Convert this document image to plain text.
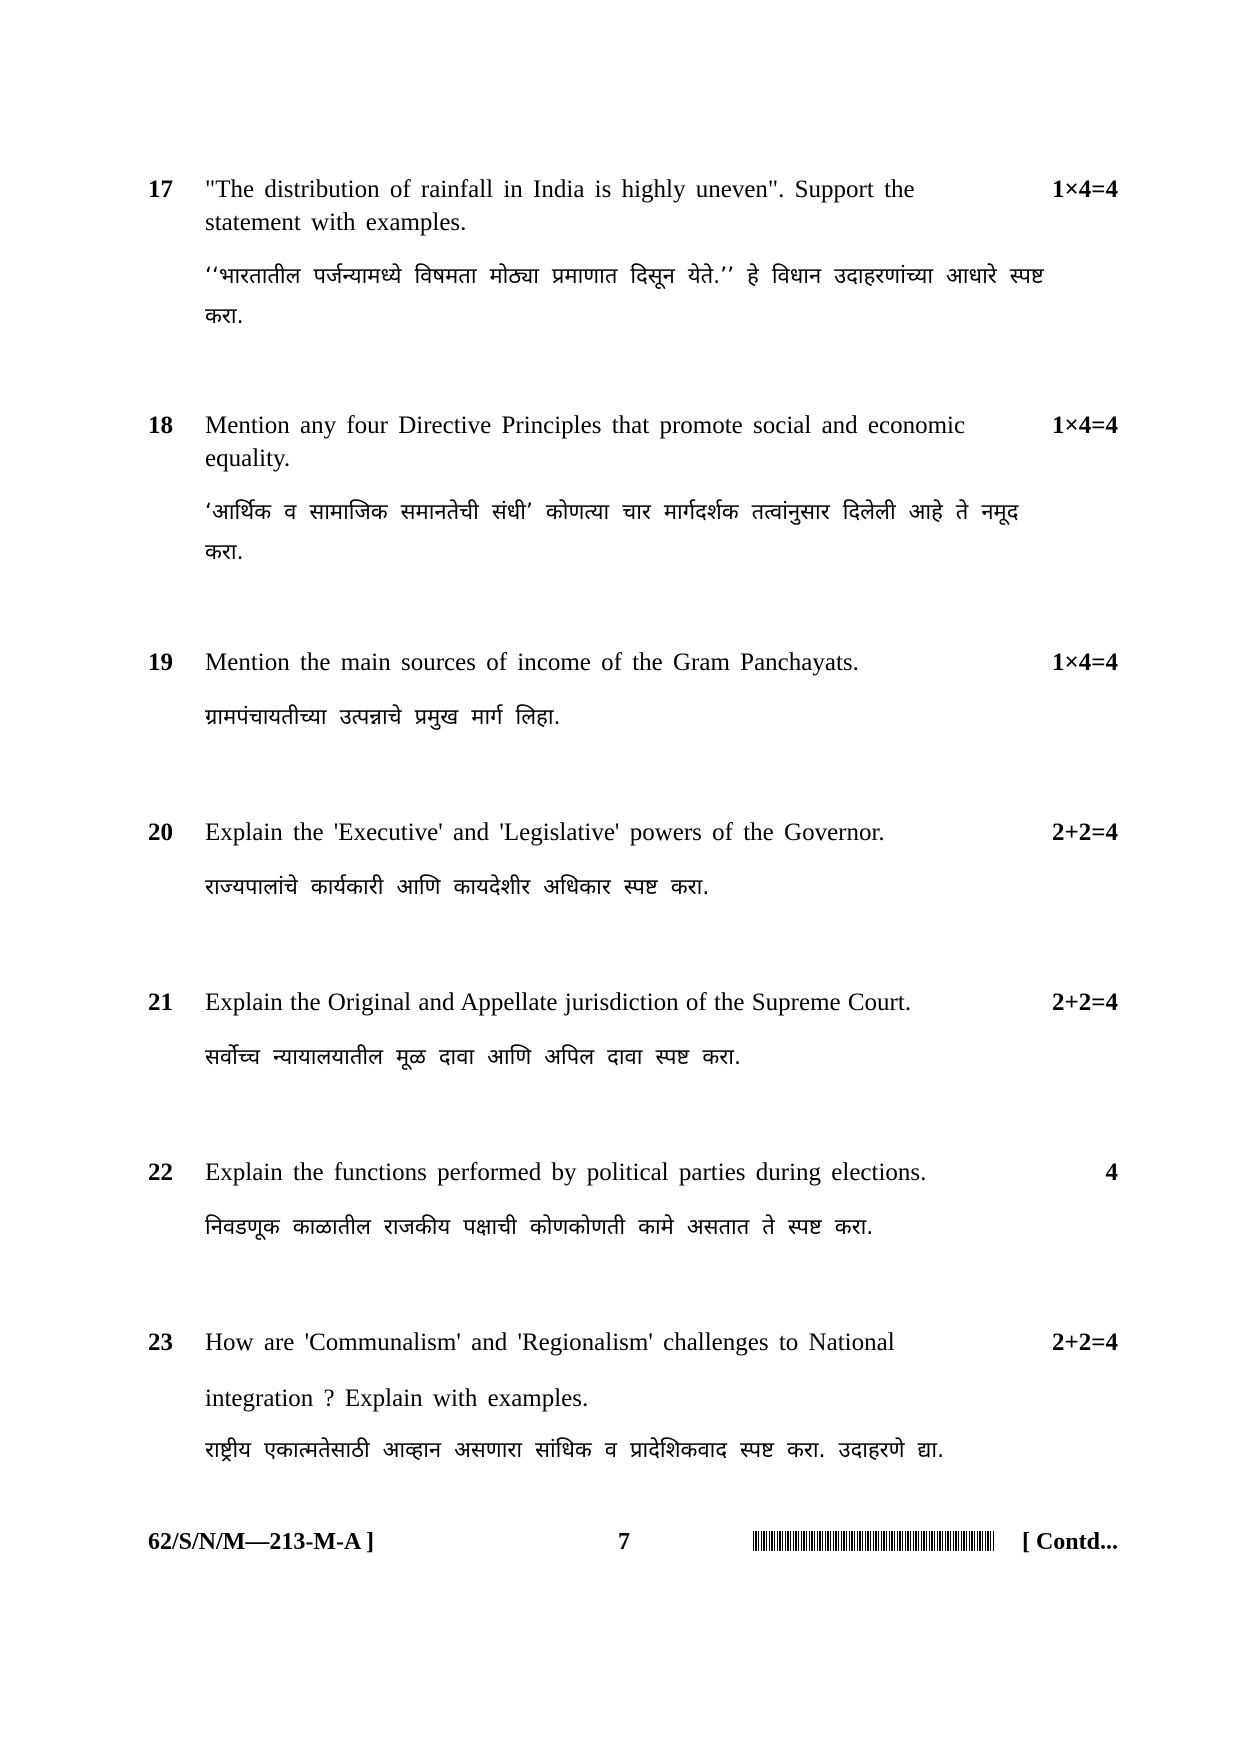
17 "The distribution of rainfall in India is highly uneven". Support the statement with examples.
1×4=4
‘‘भारतातील पर्जन्यामध्ये विषमता मोठ्या प्रमाणात दिसून येते.’’ हे विधान उदाहरणांच्या आधारे स्पष्ट करा.
18 Mention any four Directive Principles that promote social and economic equality.
1×4=4
‘आर्थिक व सामाजिक समानतेची संधी’ कोणत्या चार मार्गदर्शक तत्वांनुसार दिलेली आहे ते नमूद करा.
19 Mention the main sources of income of the Gram Panchayats.	1×4=4
ग्रामपंचायतीच्या उत्पन्नाचे प्रमुख मार्ग लिहा.
20 Explain the 'Executive' and 'Legislative' powers of the Governor.	2+2=4
राज्यपालांचे कार्यकारी आणि कायदेशीर अधिकार स्पष्ट करा.
21 Explain the Original and Appellate jurisdiction of the Supreme Court.	2+2=4
सर्वोच्च न्यायालयातील मूळ दावा आणि अपिल दावा स्पष्ट करा.
22 Explain the functions performed by political parties during elections.	4
निवडणूक काळातील राजकीय पक्षाची कोणकोणती कामे असतात ते स्पष्ट करा.
23 How are 'Communalism' and 'Regionalism' challenges to National
integration ? Explain with examples.
2+2=4
राष्ट्रीय एकात्मतेसाठी आव्हान असणारा सांधिक व प्रादेशिकवाद स्पष्ट करा. उदाहरणे द्या.
62/S/N/M—213-M-A ]	7	[ Contd...
